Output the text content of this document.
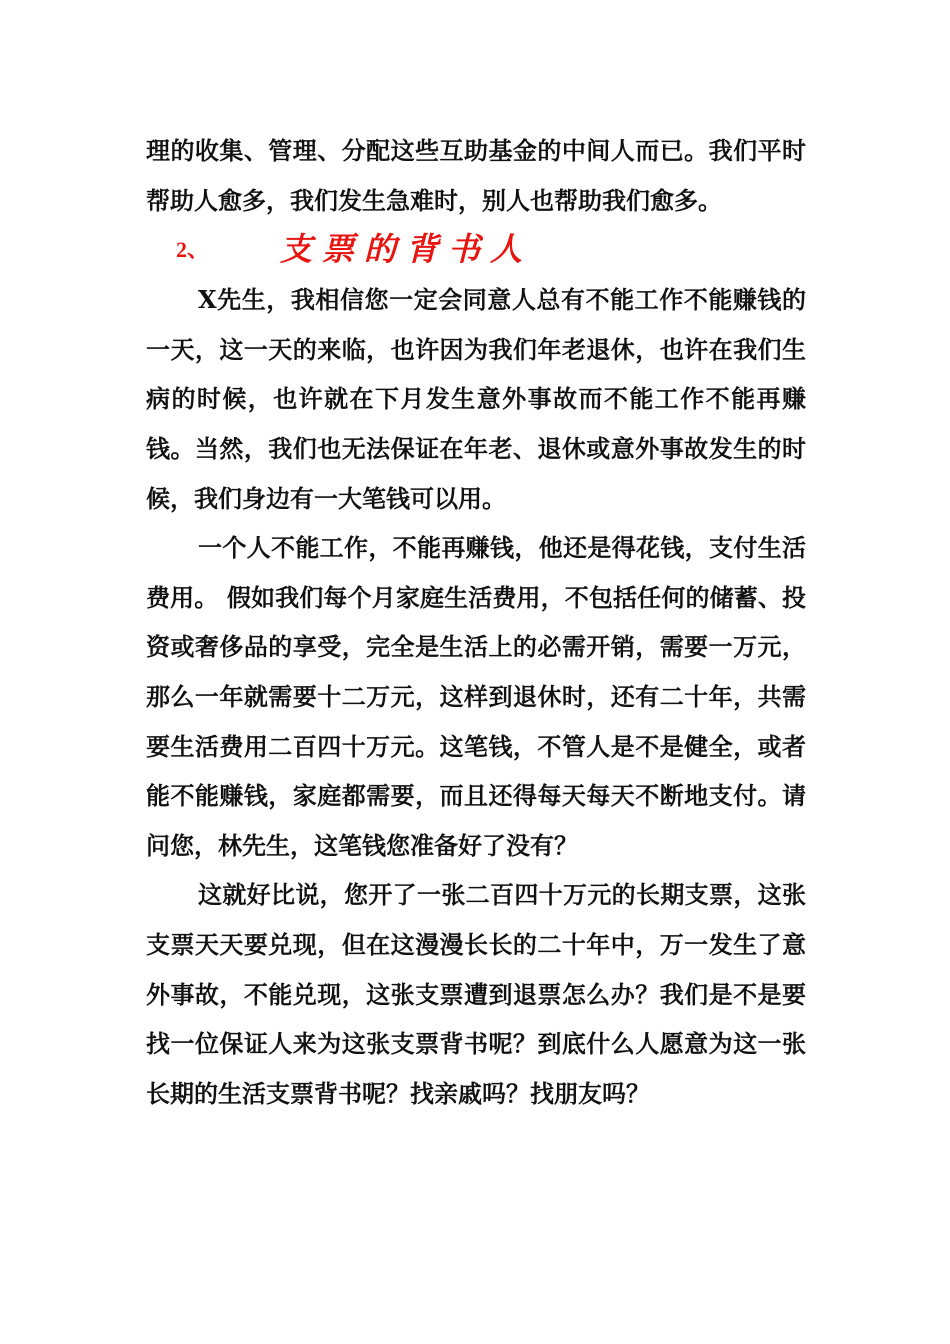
理的收集、管理、分配这些互助基金的中间人而已。我们平时帮助人愈多，我们发生急难时，别人也帮助我们愈多。

2、	支票的背书人

X先生，我相信您一定会同意人总有不能工作不能赚钱的一天，这一天的来临，也许因为我们年老退休，也许在我们生病的时候，也许就在下月发生意外事故而不能工作不能再赚钱。当然，我们也无法保证在年老、退休或意外事故发生的时候，我们身边有一大笔钱可以用。

一个人不能工作，不能再赚钱，他还是得花钱，支付生活费用。 假如我们每个月家庭生活费用，不包括任何的储蓄、投资或奢侈品的享受，完全是生活上的必需开销，需要一万元，那么一年就需要十二万元，这样到退休时，还有二十年，共需要生活费用二百四十万元。这笔钱，不管人是不是健全，或者能不能赚钱，家庭都需要，而且还得每天每天不断地支付。请问您，林先生，这笔钱您准备好了没有？

这就好比说，您开了一张二百四十万元的长期支票，这张支票天天要兑现，但在这漫漫长长的二十年中，万一发生了意外事故，不能兑现，这张支票遭到退票怎么办？我们是不是要找一位保证人来为这张支票背书呢？到底什么人愿意为这一张长期的生活支票背书呢？找亲戚吗？找朋友吗？
